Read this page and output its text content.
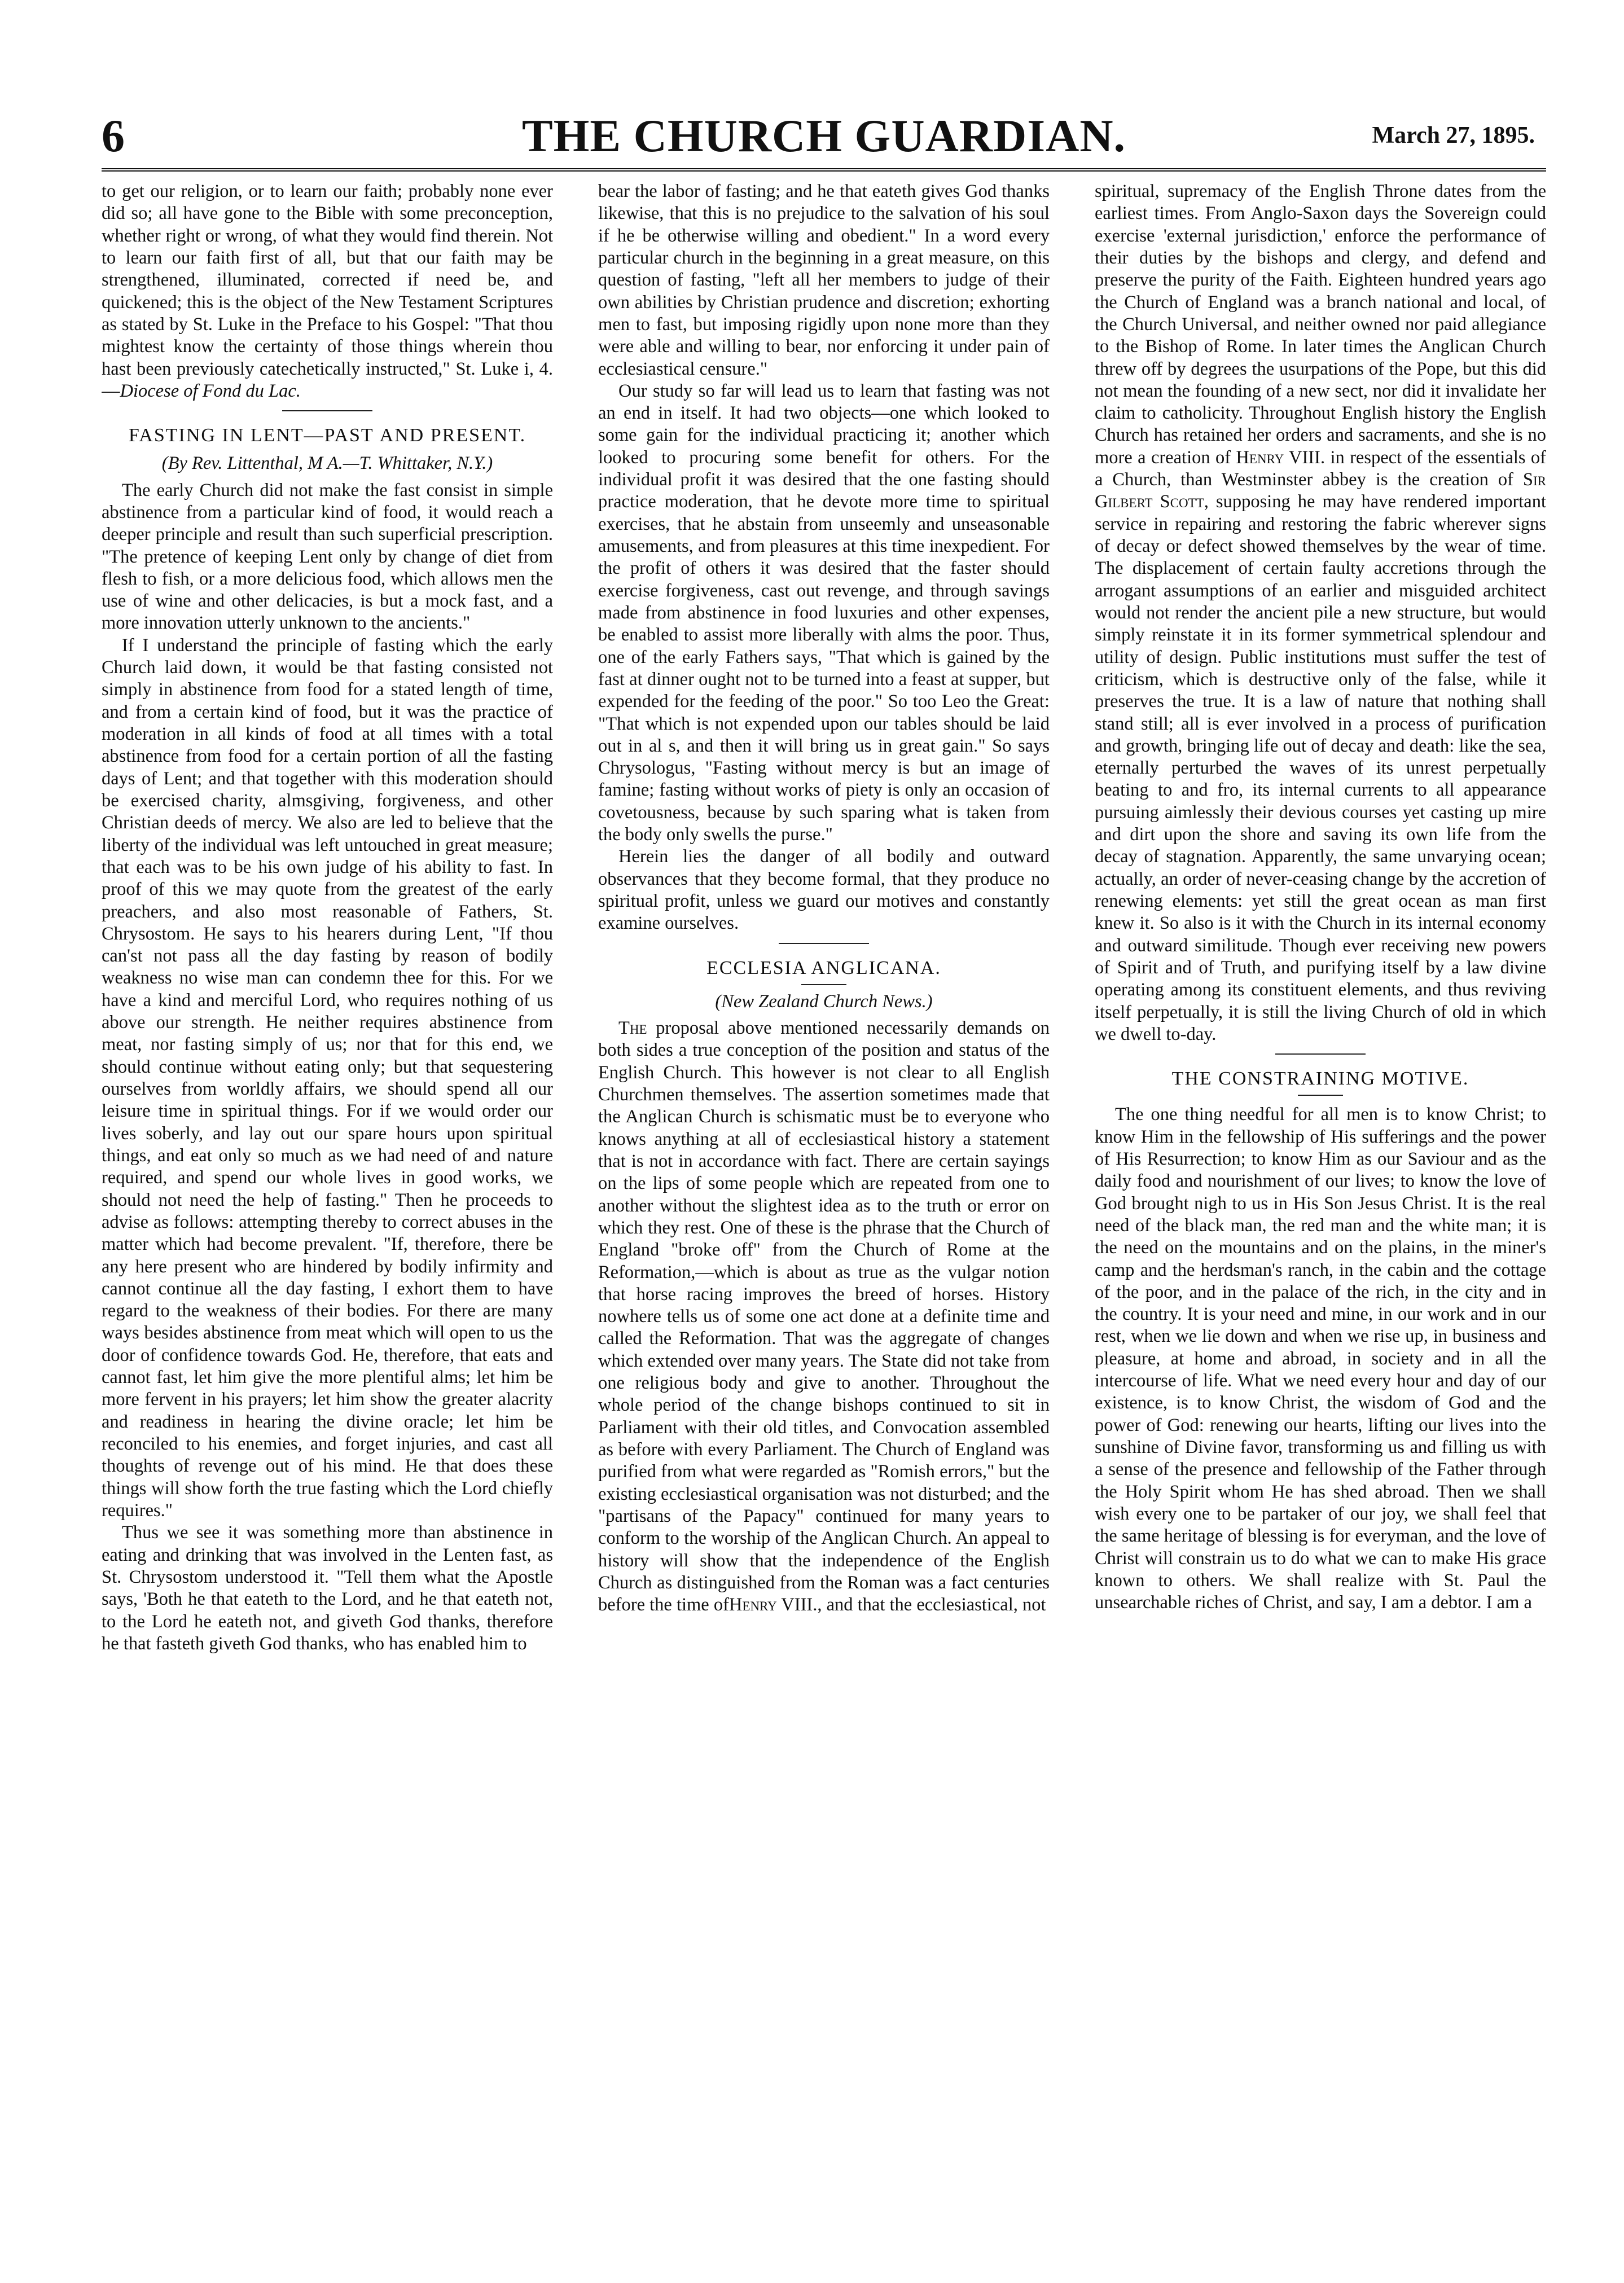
6	THE CHURCH GUARDIAN.	March 27, 1895.

to get our religion, or to learn our faith; probably none ever did so; all have gone to the Bible with some preconception, whether right or wrong, of what they would find therein. Not to learn our faith first of all, but that our faith may be strengthened, illuminated, corrected if need be, and quickened; this is the object of the New Testament Scriptures as stated by St. Luke in the Preface to his Gospel: "That thou mightest know the certainty of those things wherein thou hast been previously catechetically instructed," St. Luke i, 4.—Diocese of Fond du Lac.

FASTING IN LENT—PAST AND PRESENT.

(By Rev. Littenthal, M A.—T. Whittaker, N.Y.)

The early Church did not make the fast consist in simple abstinence from a particular kind of food, it would reach a deeper principle and result than such superficial prescription. "The pretence of keeping Lent only by change of diet from flesh to fish, or a more delicious food, which allows men the use of wine and other delicacies, is but a mock fast, and a more innovation utterly unknown to the ancients."

If I understand the principle of fasting which the early Church laid down, it would be that fasting consisted not simply in abstinence from food for a stated length of time, and from a certain kind of food, but it was the practice of moderation in all kinds of food at all times with a total abstinence from food for a certain portion of all the fasting days of Lent; and that together with this moderation should be exercised charity, almsgiving, forgiveness, and other Christian deeds of mercy. We also are led to believe that the liberty of the individual was left untouched in great measure; that each was to be his own judge of his ability to fast. In proof of this we may quote from the greatest of the early preachers, and also most reasonable of Fathers, St. Chrysostom. He says to his hearers during Lent, "If thou can'st not pass all the day fasting by reason of bodily weakness no wise man can condemn thee for this. For we have a kind and merciful Lord, who requires nothing of us above our strength. He neither requires abstinence from meat, nor fasting simply of us; nor that for this end, we should continue without eating only; but that sequestering ourselves from worldly affairs, we should spend all our leisure time in spiritual things. For if we would order our lives soberly, and lay out our spare hours upon spiritual things, and eat only so much as we had need of and nature required, and spend our whole lives in good works, we should not need the help of fasting." Then he proceeds to advise as follows: attempting thereby to correct abuses in the matter which had become prevalent. "If, therefore, there be any here present who are hindered by bodily infirmity and cannot continue all the day fasting, I exhort them to have regard to the weakness of their bodies. For there are many ways besides abstinence from meat which will open to us the door of confidence towards God. He, therefore, that eats and cannot fast, let him give the more plentiful alms; let him be more fervent in his prayers; let him show the greater alacrity and readiness in hearing the divine oracle; let him be reconciled to his enemies, and forget injuries, and cast all thoughts of revenge out of his mind. He that does these things will show forth the true fasting which the Lord chiefly requires."

Thus we see it was something more than abstinence in eating and drinking that was involved in the Lenten fast, as St. Chrysostom understood it. "Tell them what the Apostle says, 'Both he that eateth to the Lord, and he that eateth not, to the Lord he eateth not, and giveth God thanks, therefore he that fasteth giveth God thanks, who has enabled him to

bear the labor of fasting; and he that eateth gives God thanks likewise, that this is no prejudice to the salvation of his soul if he be otherwise willing and obedient." In a word every particular church in the beginning in a great measure, on this question of fasting, "left all her members to judge of their own abilities by Christian prudence and discretion; exhorting men to fast, but imposing rigidly upon none more than they were able and willing to bear, nor enforcing it under pain of ecclesiastical censure."

Our study so far will lead us to learn that fasting was not an end in itself. It had two objects—one which looked to some gain for the individual practicing it; another which looked to procuring some benefit for others. For the individual profit it was desired that the one fasting should practice moderation, that he devote more time to spiritual exercises, that he abstain from unseemly and unseasonable amusements, and from pleasures at this time inexpedient. For the profit of others it was desired that the faster should exercise forgiveness, cast out revenge, and through savings made from abstinence in food luxuries and other expenses, be enabled to assist more liberally with alms the poor. Thus, one of the early Fathers says, "That which is gained by the fast at dinner ought not to be turned into a feast at supper, but expended for the feeding of the poor." So too Leo the Great: "That which is not expended upon our tables should be laid out in al s, and then it will bring us in great gain." So says Chrysologus, "Fasting without mercy is but an image of famine; fasting without works of piety is only an occasion of covetousness, because by such sparing what is taken from the body only swells the purse."

Herein lies the danger of all bodily and outward observances that they become formal, that they produce no spiritual profit, unless we guard our motives and constantly examine ourselves.

ECCLESIA ANGLICANA.

(New Zealand Church News.)

The proposal above mentioned necessarily demands on both sides a true conception of the position and status of the English Church. This however is not clear to all English Churchmen themselves. The assertion sometimes made that the Anglican Church is schismatic must be to everyone who knows anything at all of ecclesiastical history a statement that is not in accordance with fact. There are certain sayings on the lips of some people which are repeated from one to another without the slightest idea as to the truth or error on which they rest. One of these is the phrase that the Church of England "broke off" from the Church of Rome at the Reformation,—which is about as true as the vulgar notion that horse racing improves the breed of horses. History nowhere tells us of some one act done at a definite time and called the Reformation. That was the aggregate of changes which extended over many years. The State did not take from one religious body and give to another. Throughout the whole period of the change bishops continued to sit in Parliament with their old titles, and Convocation assembled as before with every Parliament. The Church of England was purified from what were regarded as "Romish errors," but the existing ecclesiastical organisation was not disturbed; and the "partisans of the Papacy" continued for many years to conform to the worship of the Anglican Church. An appeal to history will show that the independence of the English Church as distinguished from the Roman was a fact centuries before the time ofHenry VIII., and that the ecclesiastical, not

spiritual, supremacy of the English Throne dates from the earliest times. From Anglo-Saxon days the Sovereign could exercise 'external jurisdiction,' enforce the performance of their duties by the bishops and clergy, and defend and preserve the purity of the Faith. Eighteen hundred years ago the Church of England was a branch national and local, of the Church Universal, and neither owned nor paid allegiance to the Bishop of Rome. In later times the Anglican Church threw off by degrees the usurpations of the Pope, but this did not mean the founding of a new sect, nor did it invalidate her claim to catholicity. Throughout English history the English Church has retained her orders and sacraments, and she is no more a creation of Henry VIII. in respect of the essentials of a Church, than Westminster abbey is the creation of Sir Gilbert Scott, supposing he may have rendered important service in repairing and restoring the fabric wherever signs of decay or defect showed themselves by the wear of time. The displacement of certain faulty accretions through the arrogant assumptions of an earlier and misguided architect would not render the ancient pile a new structure, but would simply reinstate it in its former symmetrical splendour and utility of design. Public institutions must suffer the test of criticism, which is destructive only of the false, while it preserves the true. It is a law of nature that nothing shall stand still; all is ever involved in a process of purification and growth, bringing life out of decay and death: like the sea, eternally perturbed the waves of its unrest perpetually beating to and fro, its internal currents to all appearance pursuing aimlessly their devious courses yet casting up mire and dirt upon the shore and saving its own life from the decay of stagnation. Apparently, the same unvarying ocean; actually, an order of never-ceasing change by the accretion of renewing elements: yet still the great ocean as man first knew it. So also is it with the Church in its internal economy and outward similitude. Though ever receiving new powers of Spirit and of Truth, and purifying itself by a law divine operating among its constituent elements, and thus reviving itself perpetually, it is still the living Church of old in which we dwell to-day.

THE CONSTRAINING MOTIVE.

The one thing needful for all men is to know Christ; to know Him in the fellowship of His sufferings and the power of His Resurrection; to know Him as our Saviour and as the daily food and nourishment of our lives; to know the love of God brought nigh to us in His Son Jesus Christ. It is the real need of the black man, the red man and the white man; it is the need on the mountains and on the plains, in the miner's camp and the herdsman's ranch, in the cabin and the cottage of the poor, and in the palace of the rich, in the city and in the country. It is your need and mine, in our work and in our rest, when we lie down and when we rise up, in business and pleasure, at home and abroad, in society and in all the intercourse of life. What we need every hour and day of our existence, is to know Christ, the wisdom of God and the power of God: renewing our hearts, lifting our lives into the sunshine of Divine favor, transforming us and filling us with a sense of the presence and fellowship of the Father through the Holy Spirit whom He has shed abroad. Then we shall wish every one to be partaker of our joy, we shall feel that the same heritage of blessing is for everyman, and the love of Christ will constrain us to do what we can to make His grace known to others. We shall realize with St. Paul the unsearchable riches of Christ, and say, I am a debtor. I am a
